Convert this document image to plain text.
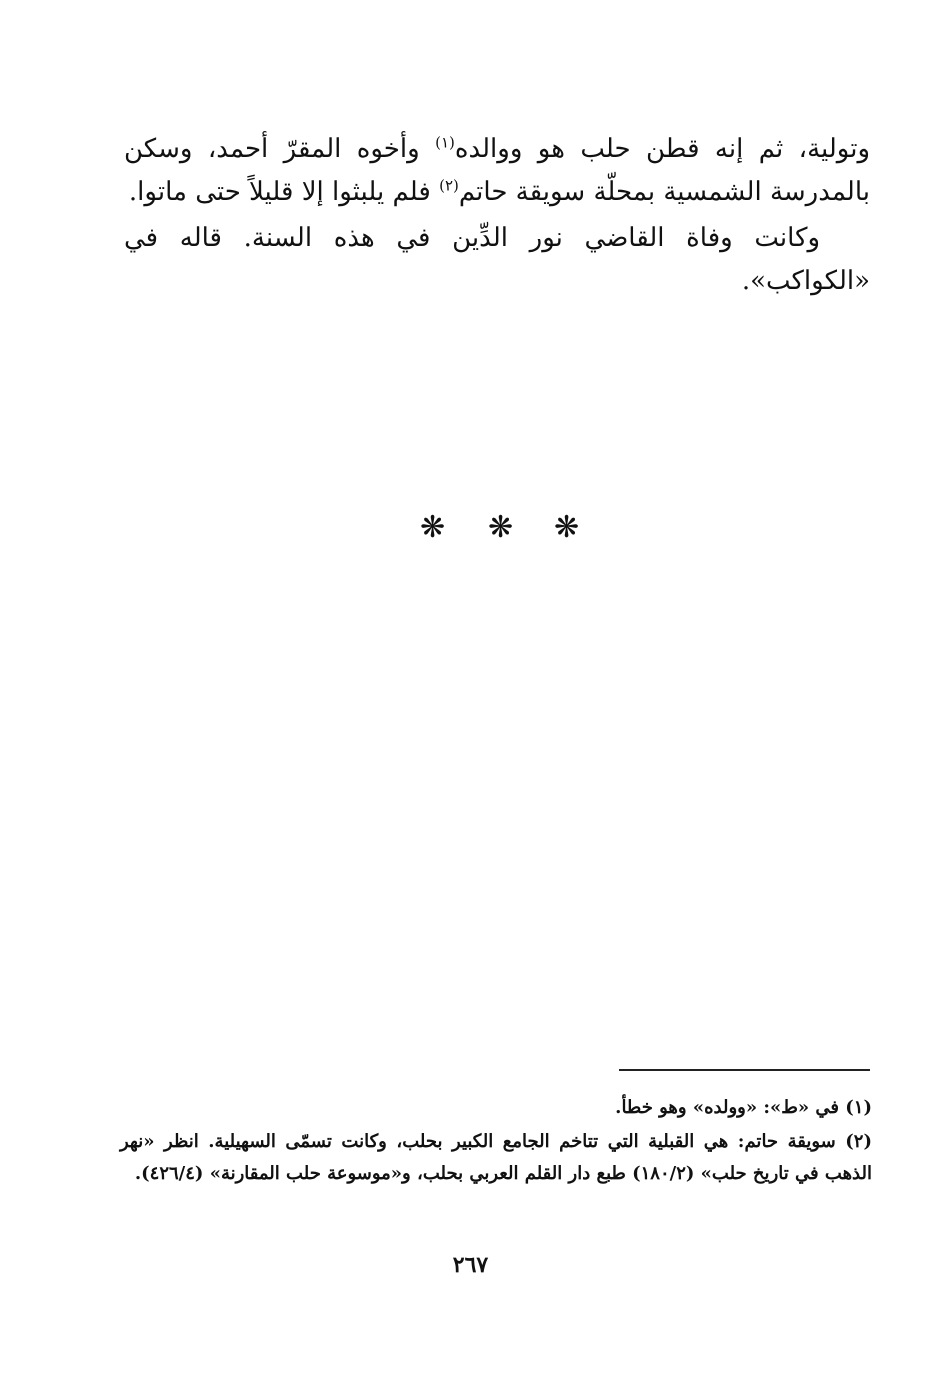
وتولية، ثم إنه قطن حلب هو ووالده$^{(١)}$ وأخوه المقرّ أحمد، وسكن بالمدرسة الشمسية بمحلّة سويقة حاتم$^{(٢)}$ فلم يلبثوا إلا قليلاً حتى ماتوا.

وكانت وفاة القاضي نور الدِّين في هذه السنة. قاله في «الكواكب».

❋ ❋ ❋

(١) في «ط»: «وولده» وهو خطأ.

(٢) سويقة حاتم: هي القبلية التي تتاخم الجامع الكبير بحلب، وكانت تسمّى السهيلية. انظر «نهر الذهب في تاريخ حلب» (١٨٠/٢) طبع دار القلم العربي بحلب، و«موسوعة حلب المقارنة» (٤٢٦/٤).

٢٦٧
